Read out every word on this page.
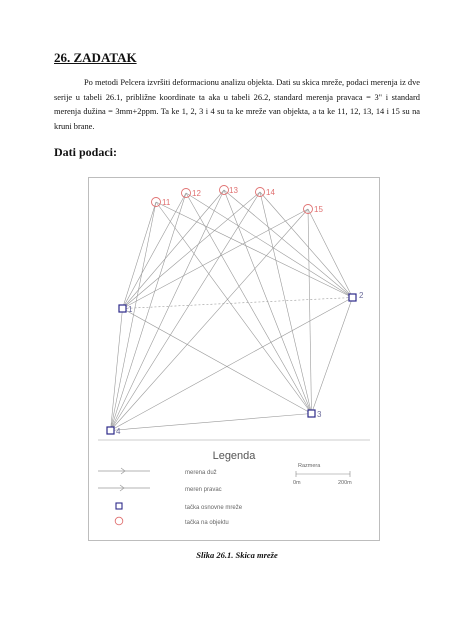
26. ZADATAK

Po metodi Pelcera izvršiti deformacionu analizu objekta. Dati su skica mreže, podaci merenja iz dve serije u tabeli 26.1, približne koordinate ta aka u tabeli 26.2, standard merenja pravaca = 3" i standard merenja dužina = 3mm+2ppm. Ta ke 1, 2, 3 i 4 su ta ke mreže van objekta, a ta ke 11, 12, 13, 14 i 15 su na kruni brane.

Dati podaci:
11
12	13	14
15
1
2
3
4
Legenda
merena duž
meren pravac
tačka osnovne mreže
tačka na objektu
Razmera
0m	200m
Slika 26.1. Skica mreže
